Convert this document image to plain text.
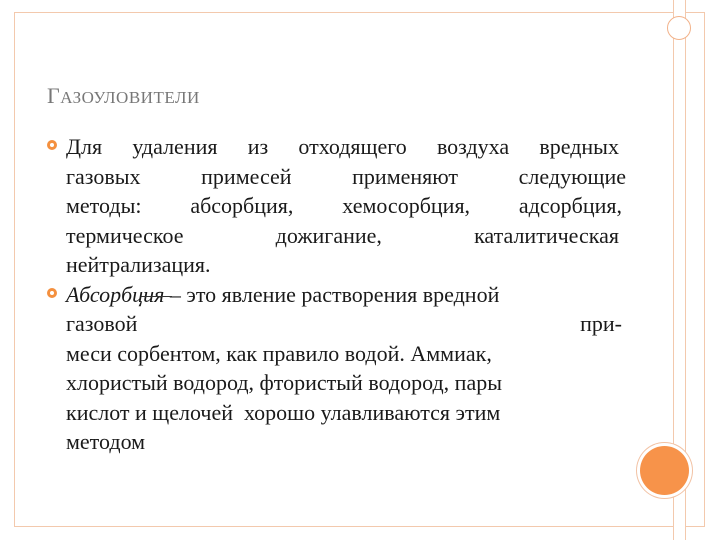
ГАЗОУЛОВИТЕЛИ
Для удаления из отходящего воздуха вредных
газовых	примесей	применяют	следующие
методы: абсорбция, хемосорбция, адсорбция,
термическое	дожигание,	каталитическая
нейтрализация.
Абсорбция – это явление растворения вредной
газовой	при-
меси сорбентом, как правило водой. Аммиак,
хлористый водород, фтористый водород, пары
кислот и щелочей  хорошо улавливаются этим
методом
